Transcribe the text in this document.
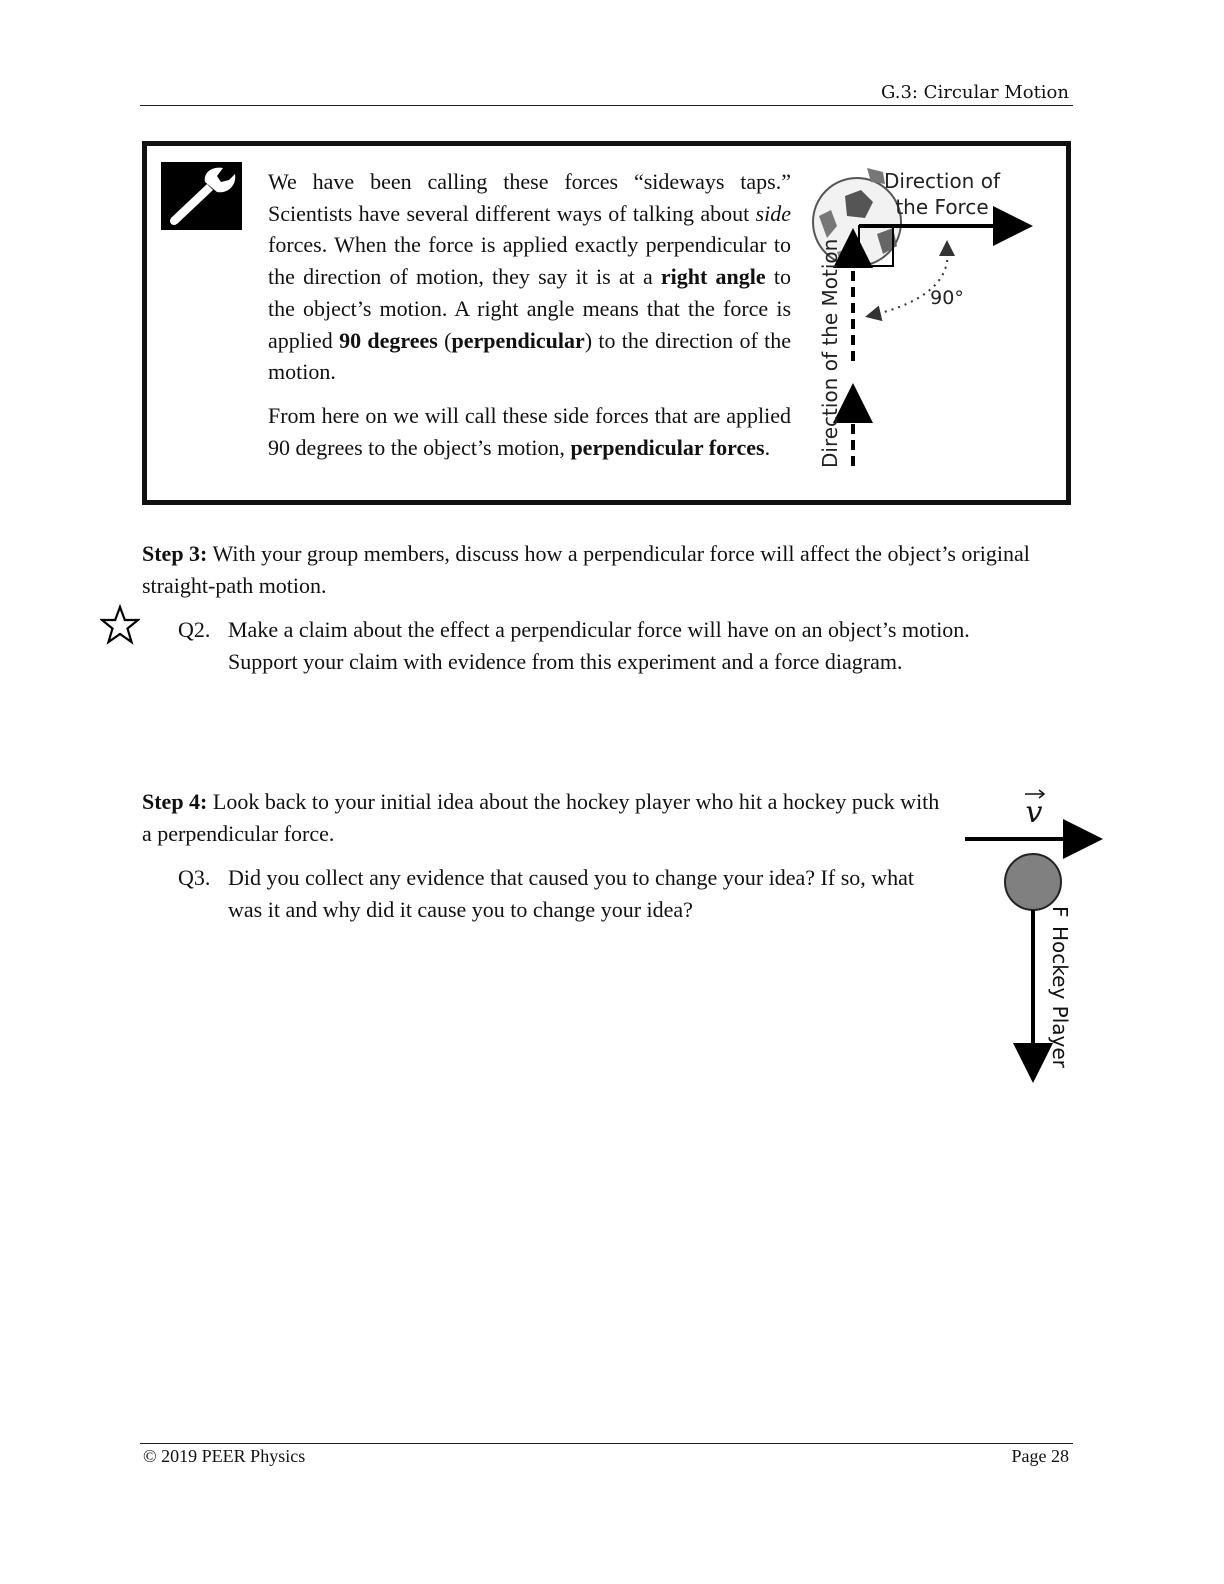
G.3: Circular Motion

We have been calling these forces “sideways taps.” Scientists have several different ways of talking about side forces. When the force is applied exactly perpendicular to the direction of motion, they say it is at a right angle to the object’s motion. A right angle means that the force is applied 90 degrees (perpendicular) to the direction of the motion.

From here on we will call these side forces that are applied 90 degrees to the object’s motion, perpendicular forces.

Direction of
the Force
90°
Direction of the Motion
Step 3: With your group members, discuss how a perpendicular force will affect the object’s original straight-path motion.
Q2. Make a claim about the effect a perpendicular force will have on an object’s motion. Support your claim with evidence from this experiment and a force diagram.
Step 4: Look back to your initial idea about the hockey player who hit a hockey puck with a perpendicular force.
Q3. Did you collect any evidence that caused you to change your idea? If so, what was it and why did it cause you to change your idea?
v
F
Hockey Player
© 2019 PEER Physics	Page 28
